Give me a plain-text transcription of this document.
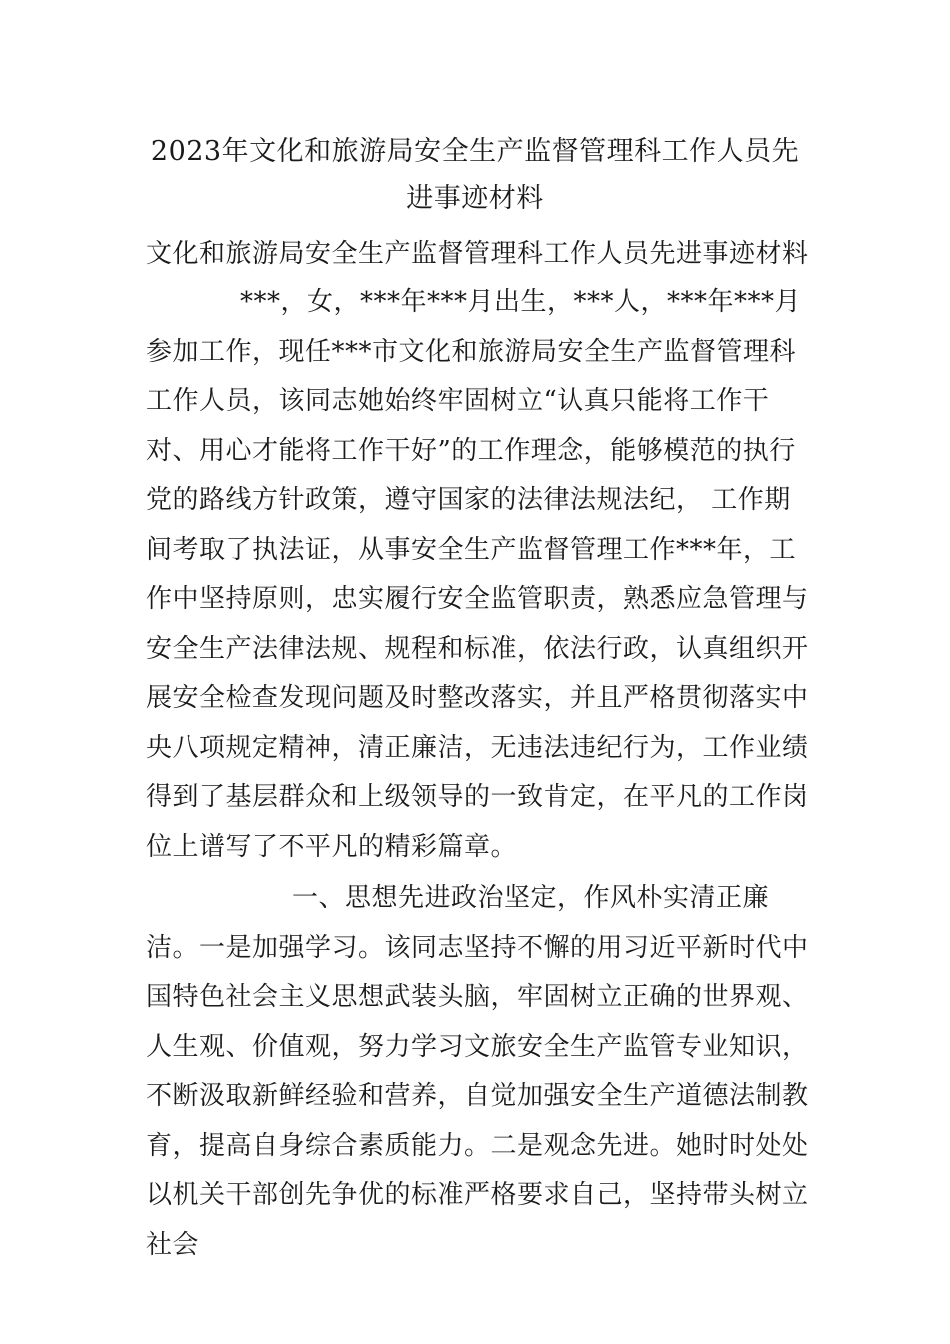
2023年文化和旅游局安全生产监督管理科工作人员先进事迹材料
文化和旅游局安全生产监督管理科工作人员先进事迹材料
***，女，***年***月出生，***人，***年***月参加工作，现任***市文化和旅游局安全生产监督管理科工作人员，该同志她始终牢固树立“认真只能将工作干对、用心才能将工作干好”的工作理念，能够模范的执行党的路线方针政策，遵守国家的法律法规法纪， 工作期间考取了执法证，从事安全生产监督管理工作***年，工作中坚持原则，忠实履行安全监管职责，熟悉应急管理与安全生产法律法规、规程和标准，依法行政，认真组织开展安全检查发现问题及时整改落实，并且严格贯彻落实中央八项规定精神，清正廉洁，无违法违纪行为，工作业绩得到了基层群众和上级领导的一致肯定，在平凡的工作岗位上谱写了不平凡的精彩篇章。
一、思想先进政治坚定，作风朴实清正廉洁。一是加强学习。该同志坚持不懈的用习近平新时代中国特色社会主义思想武装头脑，牢固树立正确的世界观、人生观、价值观，努力学习文旅安全生产监管专业知识，不断汲取新鲜经验和营养，自觉加强安全生产道德法制教育，提高自身综合素质能力。二是观念先进。她时时处处以机关干部创先争优的标准严格要求自己，坚持带头树立社会
